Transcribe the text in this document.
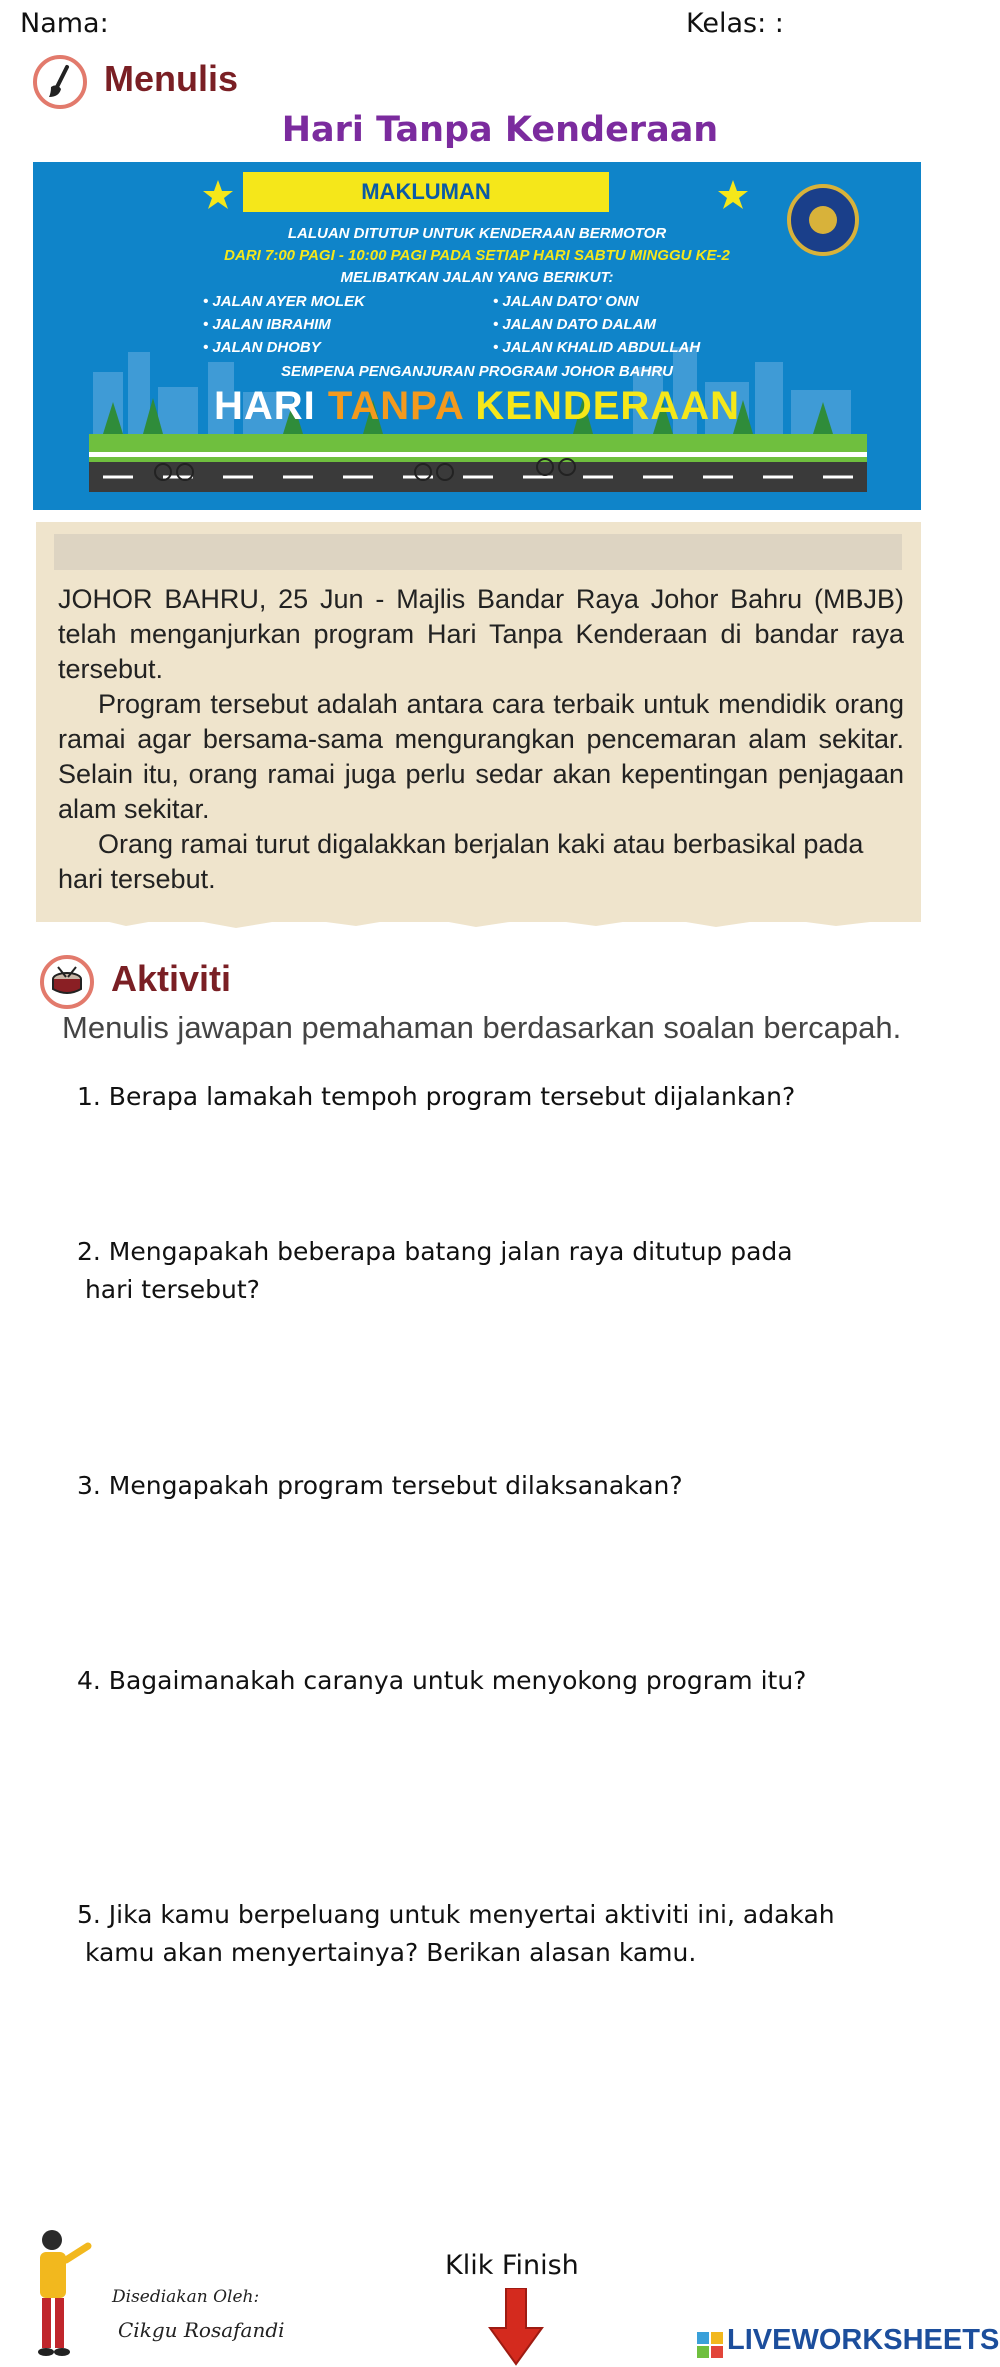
Nama:	Kelas: :
Menulis
Hari Tanpa Kenderaan
MAKLUMAN
LALUAN DITUTUP UNTUK KENDERAAN BERMOTOR
DARI 7:00 PAGI - 10:00 PAGI PADA SETIAP HARI SABTU MINGGU KE-2
MELIBATKAN JALAN YANG BERIKUT:
• JALAN AYER MOLEK
• JALAN IBRAHIM
• JALAN DHOBY
• JALAN DATO' ONN
• JALAN DATO DALAM
• JALAN KHALID ABDULLAH
SEMPENA PENGANJURAN PROGRAM JOHOR BAHRU
HARI TANPA KENDERAAN

JOHOR BAHRU, 25 Jun - Majlis Bandar Raya Johor Bahru (MBJB) telah menganjurkan program Hari Tanpa Kenderaan di bandar raya tersebut.

Program tersebut adalah antara cara terbaik untuk mendidik orang ramai agar bersama-sama mengurangkan pencemaran alam sekitar. Selain itu, orang ramai juga perlu sedar akan kepentingan penjagaan alam sekitar.

Orang ramai turut digalakkan berjalan kaki atau berbasikal pada hari tersebut.

Aktiviti
Menulis jawapan pemahaman berdasarkan soalan bercapah.
1. Berapa lamakah tempoh program tersebut dijalankan?
2. Mengapakah beberapa batang jalan raya ditutup pada
hari tersebut?
3. Mengapakah program tersebut dilaksanakan?
4. Bagaimanakah caranya untuk menyokong program itu?
5. Jika kamu berpeluang untuk menyertai aktiviti ini, adakah
kamu akan menyertainya? Berikan alasan kamu.
Disediakan Oleh:
Cikgu Rosafandi
Klik Finish
LIVEWORKSHEETS
